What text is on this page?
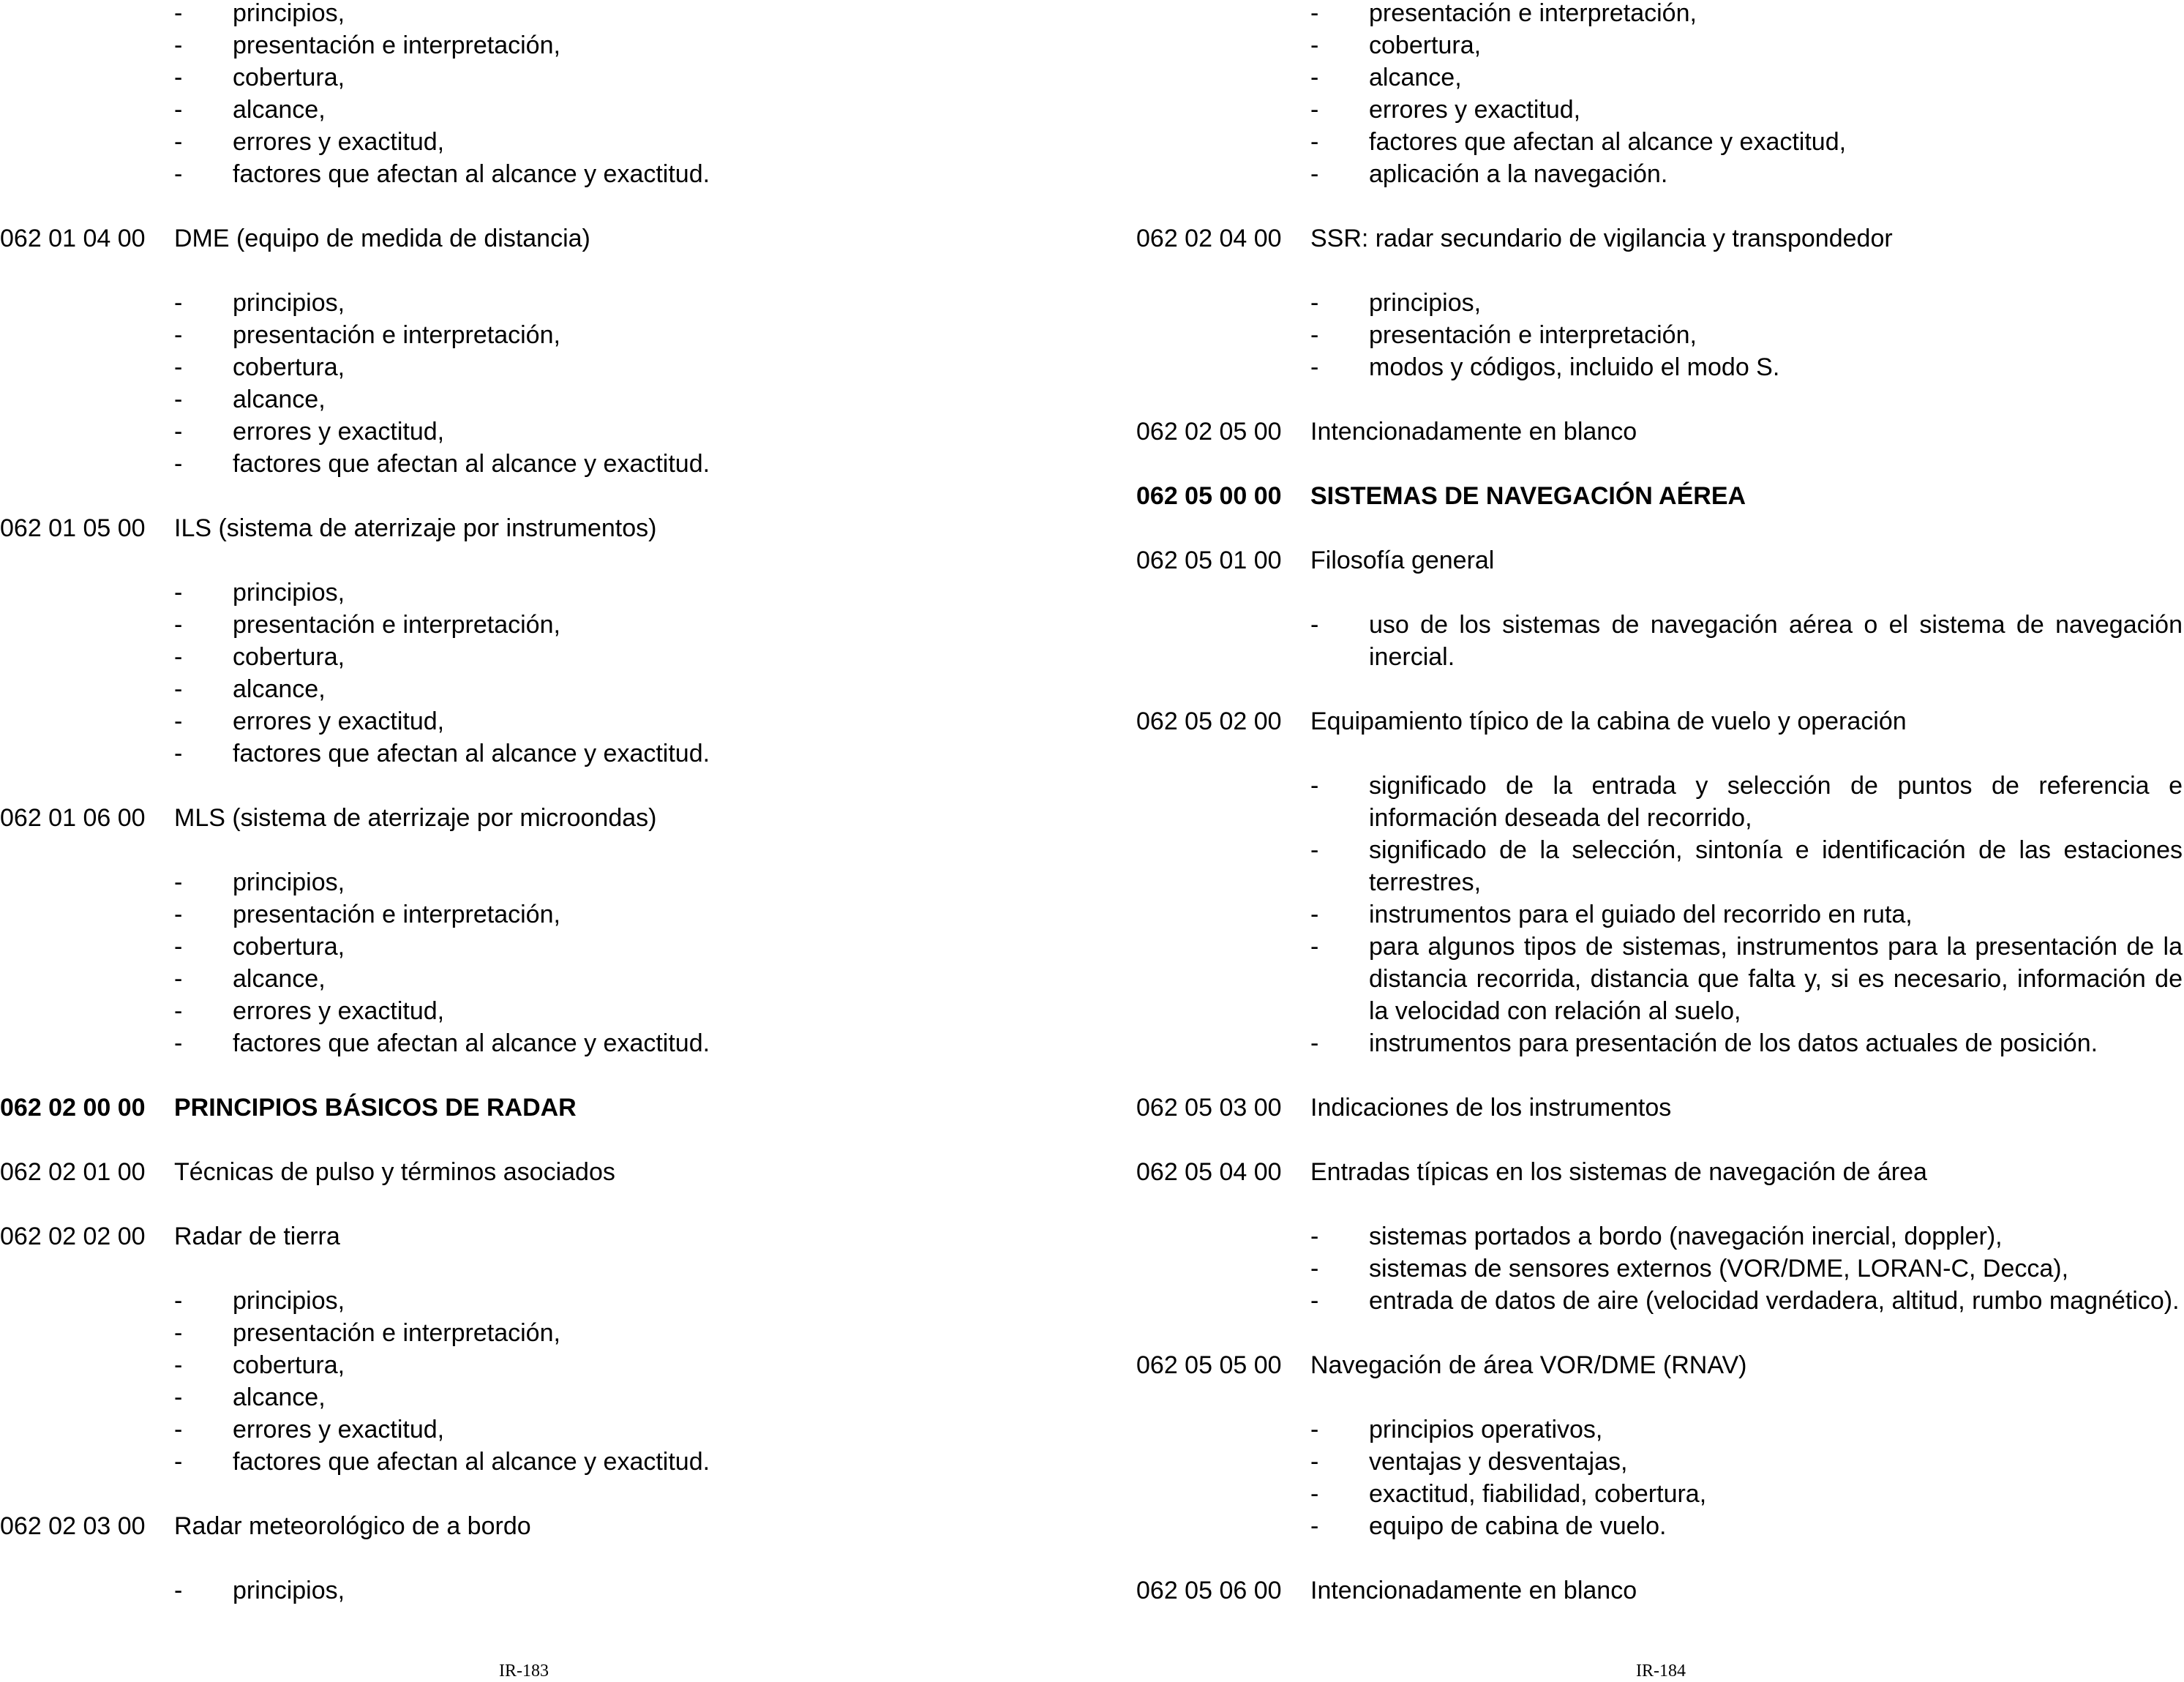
- principios,
- presentación e interpretación,
- cobertura,
- alcance,
- errores y exactitud,
- factores que afectan al alcance y exactitud.
062 01 04 00 DME (equipo de medida de distancia)
- principios,
- presentación e interpretación,
- cobertura,
- alcance,
- errores y exactitud,
- factores que afectan al alcance y exactitud.
062 01 05 00 ILS (sistema de aterrizaje por instrumentos)
- principios,
- presentación e interpretación,
- cobertura,
- alcance,
- errores y exactitud,
- factores que afectan al alcance y exactitud.
062 01 06 00 MLS (sistema de aterrizaje por microondas)
- principios,
- presentación e interpretación,
- cobertura,
- alcance,
- errores y exactitud,
- factores que afectan al alcance y exactitud.
062 02 00 00 PRINCIPIOS BÁSICOS DE RADAR
062 02 01 00 Técnicas de pulso y términos asociados
062 02 02 00 Radar de tierra
- principios,
- presentación e interpretación,
- cobertura,
- alcance,
- errores y exactitud,
- factores que afectan al alcance y exactitud.
062 02 03 00 Radar meteorológico de a bordo
- principios,
- presentación e interpretación,
- cobertura,
- alcance,
- errores y exactitud,
- factores que afectan al alcance y exactitud,
- aplicación a la navegación.
062 02 04 00 SSR: radar secundario de vigilancia y transpondedor
- principios,
- presentación e interpretación,
- modos y códigos, incluido el modo S.
062 02 05 00 Intencionadamente en blanco
062 05 00 00 SISTEMAS DE NAVEGACIÓN AÉREA
062 05 01 00 Filosofía general
- uso de los sistemas de navegación aérea o el sistema de navegación inercial.
062 05 02 00 Equipamiento típico de la cabina de vuelo y operación
- significado de la entrada y selección de puntos de referencia e información deseada del recorrido,
- significado de la selección, sintonía e identificación de las estaciones terrestres,
- instrumentos para el guiado del recorrido en ruta,
- para algunos tipos de sistemas, instrumentos para la presentación de la distancia recorrida, distancia que falta y, si es necesario, información de la velocidad con relación al suelo,
- instrumentos para presentación de los datos actuales de posición.
062 05 03 00 Indicaciones de los instrumentos
062 05 04 00 Entradas típicas en los sistemas de navegación de área
- sistemas portados a bordo (navegación inercial, doppler),
- sistemas de sensores externos (VOR/DME, LORAN-C, Decca),
- entrada de datos de aire (velocidad verdadera, altitud, rumbo magnético).
062 05 05 00 Navegación de área VOR/DME (RNAV)
- principios operativos,
- ventajas y desventajas,
- exactitud, fiabilidad, cobertura,
- equipo de cabina de vuelo.
062 05 06 00 Intencionadamente en blanco
IR-183	IR-184
